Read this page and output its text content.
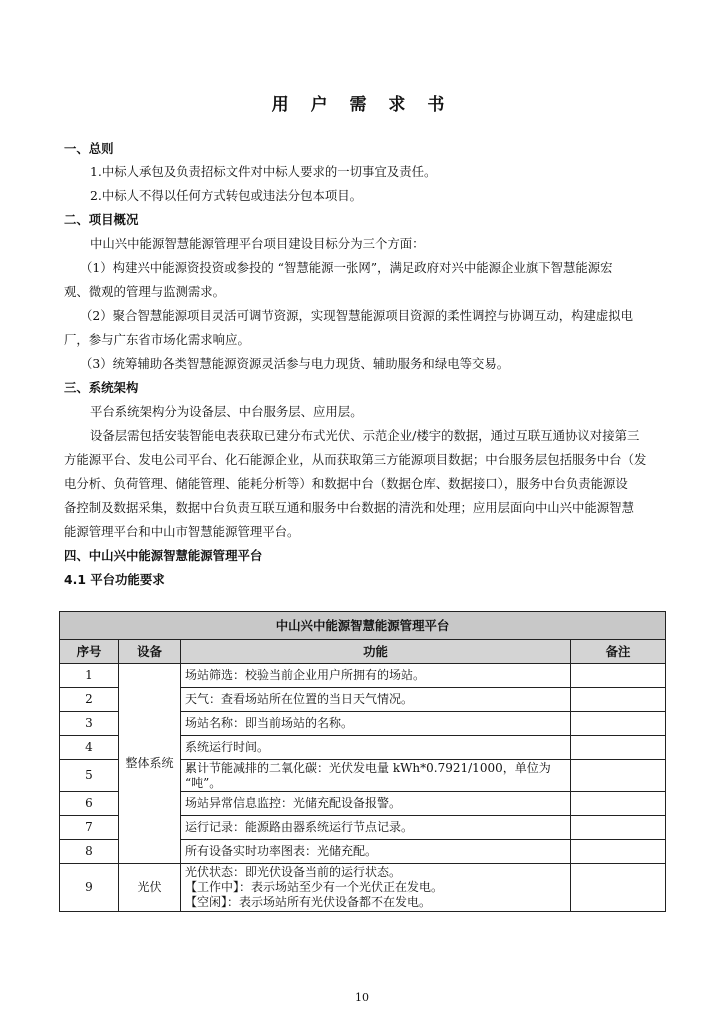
用 户 需 求 书
一、总则
1.中标人承包及负责招标文件对中标人要求的一切事宜及责任。
2.中标人不得以任何方式转包或违法分包本项目。
二、项目概况
中山兴中能源智慧能源管理平台项目建设目标分为三个方面：
（1）构建兴中能源资投资或参投的 “智慧能源一张网”，满足政府对兴中能源企业旗下智慧能源宏
观、微观的管理与监测需求。
（2）聚合智慧能源项目灵活可调节资源，实现智慧能源项目资源的柔性调控与协调互动，构建虚拟电
厂，参与广东省市场化需求响应。
（3）统筹辅助各类智慧能源资源灵活参与电力现货、辅助服务和绿电等交易。
三、系统架构
平台系统架构分为设备层、中台服务层、应用层。
设备层需包括安装智能电表获取已建分布式光伏、示范企业/楼宇的数据，通过互联互通协议对接第三
方能源平台、发电公司平台、化石能源企业，从而获取第三方能源项目数据；中台服务层包括服务中台（发
电分析、负荷管理、储能管理、能耗分析等）和数据中台（数据仓库、数据接口），服务中台负责能源设
备控制及数据采集，数据中台负责互联互通和服务中台数据的清洗和处理；应用层面向中山兴中能源智慧
能源管理平台和中山市智慧能源管理平台。
四、中山兴中能源智慧能源管理平台
4.1 平台功能要求
中山兴中能源智慧能源管理平台			
序号	设备	功能	备注
1	整体系统	场站筛选：校验当前企业用户所拥有的场站。	
2		天气：查看场站所在位置的当日天气情况。	
3		场站名称：即当前场站的名称。	
4		系统运行时间。	
5		累计节能减排的二氧化碳：光伏发电量 kWh*0.7921/1000，单位为
“吨”。	

6		场站异常信息监控：光储充配设备报警。	
7		运行记录：能源路由器系统运行节点记录。	
8		所有设备实时功率图表：光储充配。	
9	光伏	光伏状态：即光伏设备当前的运行状态。
【工作中】：表示场站至少有一个光伏正在发电。
【空闲】：表示场站所有光伏设备都不在发电。	

10
